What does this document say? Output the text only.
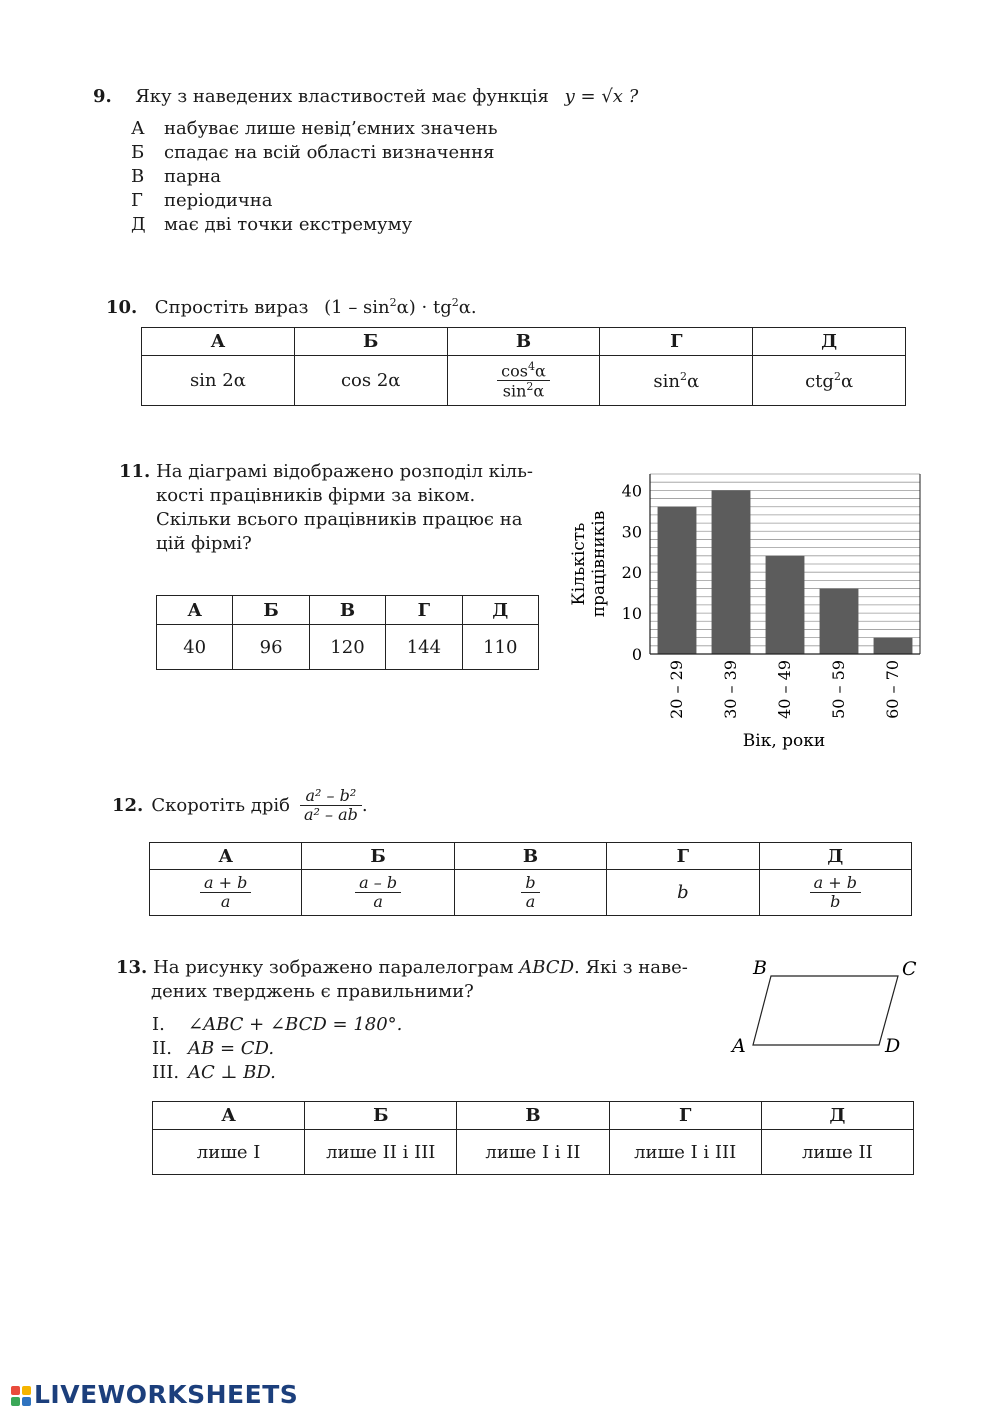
9. Яку з наведених властивостей має функція y = √x ?
А набуває лише невід’ємних значень
Б спадає на всій області визначення
В парна
Г періодична
Д має дві точки екстремуму
10. Спростіть вираз $(1 - \sin^2\alpha) \cdot tg^2\alpha$.
А	Б	В	Г	Д
sin 2α	cos 2α	$\frac{\cos^4\alpha}{\sin^2\alpha}$	$\sin^2\alpha$	ctg$^2$α
11. На діаграмі відображено розподіл кіль-
кості працівників фірми за віком.
Скільки всього працівників працює на
цій фірмі?
А	Б	В	Г	Д
40	96	120	144	110	0
10
20
30
40
20 – 29 30 – 39 40 – 49 50 – 59 60 – 70
Кількість працівників
Вік, роки
12. Скоротіть дріб $\frac{\text{a² – b²}}{\text{a² – ab}}$ .
А	Б	В	Г	Д

$\frac{a + b}{a}$	$\frac{a - b}{a}$	$\frac{b}{a}$	b	$\frac{a + b}{b}$
13. На рисунку зображено паралелограм ABCD. Які з наве-
дених тверджень є правильними?
I. ∠ABC + ∠BCD = 180°.
II. AB = CD.
III. AC ⊥ BD.
B	C
A	D
А	Б	В	Г	Д
лише I	лише II і III	лише I і II	лише I і III	лише II
LIVEWORKSHEETS
